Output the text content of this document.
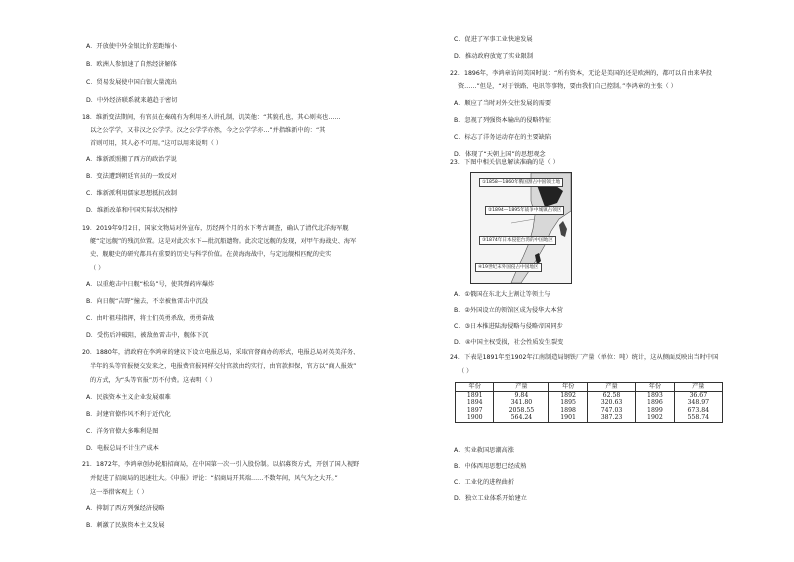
A．开放使中外金银比价差距缩小
B．欧洲人参加速了自然经济解体
C．贸易发展使中国白银大量流出
D．中外经济联系就来越趋于密切
18．维新变法期间，有官员在奏疏有为利用圣人讲孔制，讥笑他：“其貌孔也，其心则夷也……
以之公学学，又非汉之公学学。汉之公学学亦然，今之公学学亦…”并指维新中的：“其
首则可用，其人必不可用。”这可以用来说明（ ）
A．维新派照搬了西方的政治学说
B．变法遭到朝廷官员的一致反对
C．维新派利用儒家思想抵抗改制
D．维新改革和中国实际状况相悖
19．2019年9月2日，国家文物局对外宣布，历经两个月的水下考古调查，确认了清代北洋海军舰
艇“定远舰”的残沉位置。这是对此次水下—批沉船遗物。此次定远舰的发现，对甲午海战史、海军
史、舰艇史的研究都具有重要的历史与科学价值。在黄海海战中，与定远舰相匹配的史实
（ ）
A．以重炮击中日舰“松岛”号，使其弹药库爆炸
B．向日舰“吉野”撞去，不幸被鱼雷击中沉没
C．由叶祖珪指挥，将士们英勇杀敌，勇勇奋战
D．受伤后冲破阻，被敌鱼雷击中，舰体下沉
20．1880年，清政府在李鸿章的建议下设立电报总局，采取官督商办的形式，电报总局对英美洋务、
半年的头等官报便交发来之，电报费官报同样交付官款由约实行，由官款担保，官方以“商人报效”
的方式，为“头等官报”历不付费。这表明（ ）
A．民族资本主义企业发展艰难
B．封建官僚作风不利于近代化
C．洋务官僚大多唯利是图
D．电报总局不计生产成本
21．1872年，李鸿章创办轮船招商局，在中国第一次一引入股份制。以招募资方式，开创了国人视野
并促进了招商局的迅速壮大。《申报》评论：“招商局开其端……不数年间，风气为之大开。”
这一举措客观上（ ）
A．抑制了西方列强经济侵略
B．刺激了民族资本主义发展
C．促进了军事工业快速发展
D．推动政府放宽了实业限制
22．1896年，李鸿章访问美国时说：“所有资本，无论是美国的还是欧洲的，都可以自由来华投
资……”但是，“对于铁路、电讯等事物，要由我们自己控制。”李鸿章的主张（ ）
A．顺应了当时对外交往发展的需要
B．忽视了列强资本输出的侵略特征
C．标志了洋务运动存在的主要缺陷
D．体现了“天朝上国”的思想观念
23．下图中相关信息解读准确的是（ ）
A．①俄国在东北大上割让等领土与
B．②外国设立的领馆区成为侵华大本营
C．③日本推进陆海侵略与侵略帝国同步
D．④中国主权受损，社会性质发生裂变
24．下表是1891年至1902年江南制造局钢铁厂产量（单位：吨）统计，这从侧面反映出当时中国
（ ）
A．实业救国思潮高涨
B．中体西用思想已经成熟
C．工业化的进程曲折
D．独立工业体系开始建立
①1858—1860年俄国割占中国领土地
②1894—1895年战争中城镇占领区
③1874年日本侵犯台湾的中国地区
④19世纪末外国侵占中国地区
年份	产量	年份	产量	年份	产量
1891	9.84	1892	62.58	1893	36.67
1894	341.80	1895	320.63	1896	348.97
1897	2058.55	1898	747.03	1899	673.84
1900	564.24	1901	387.23	1902	558.74
